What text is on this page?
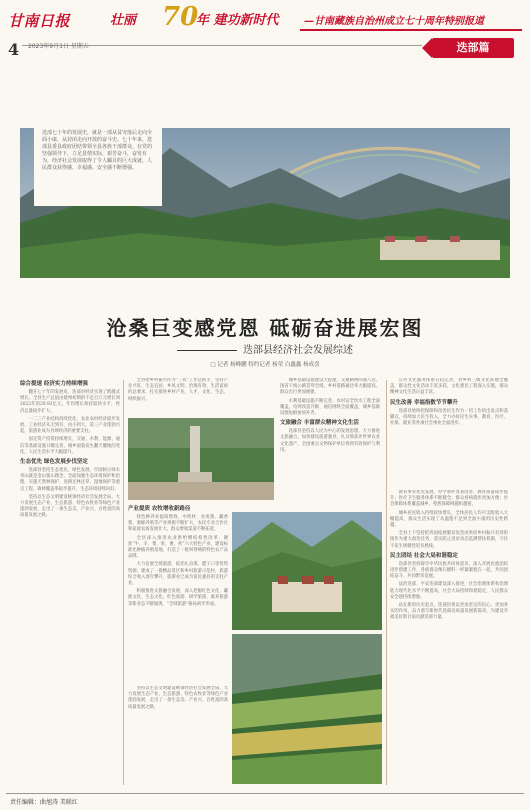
甘南日报	壮丽 70
年 建功新时代	—甘南藏族自治州成立七十周年特别报道
4 2023年9月1日 星期五	迭部篇
迭部七十年的发展史，就是一部从贫穷落后走向全面小康、从封闭走向开放的奋斗史。七十年来，迭部县委县政府团结带领全县各族干部群众，在党的坚强领导下，立足县情实际，艰苦奋斗，奋发有为，经济社会发展取得了令人瞩目的巨大成就，人民群众获得感、幸福感、安全感不断增强。
沧桑巨变感党恩 砥砺奋进展宏图
迭部县经济社会发展综述
□ 记者 杨峰鹏 特约记者 杨荣 白鑫鑫 杨成喜
综合提速 经济实力持续增强

翻开七十年的发展史，迭部县经济实现了跨越式增长。全县生产总值由建州初期的不足百万元增长到2022年的29.92亿元，年均增长保持较快水平，经济总量稳步扩大。

一二三产业结构持续优化，农业农村经济稳步发展，工业经济从无到有、由小到大，第三产业蓬勃兴起，旅游业成为县域经济的重要支柱。

固定资产投资持续增长，交通、水利、能源、通信等基础设施日臻完善，城乡面貌发生翻天覆地的变化，人民生活水平大幅提升。

生态优先 绿色发展步伐坚定

迭部县坚持生态优先、绿色发展，牢固树立绿水青山就是金山银山理念，全面加强生态环境保护和治理，实施天然林保护、退耕还林还草、湿地保护等重点工程，森林覆盖率稳步提升，生态环境持续向好。

坚持以生态文明建设统领经济社会发展全局，大力发展生态产业，生态旅游、特色农牧业等绿色产业蓬勃发展，走出了一条生态美、产业兴、百姓富的高质量发展之路。

全县把乡村振兴作为“三农”工作总抓手，坚持产业兴旺、生态宜居、乡风文明、治理有效、生活富裕的总要求，扎实推进乡村产业、人才、文化、生态、组织振兴。

产业提质 农牧增收新路径

特色种养业提质增效，中药材、食用菌、藏香猪、蜜蜂养殖等产业规模不断扩大，农民专业合作社和家庭农场发展壮大，群众增收渠道不断拓宽。

全县深入推进农业供给侧结构性改革，聚焦“牛、羊、菜、果、薯、药”六大特色产业，建设标准化种植养殖基地，打造了一批叫得响的特色农产品品牌。

大力发展全域旅游，依托扎尕那、腊子口等优势资源，建成了一批精品景区和乡村旅游示范村，旅游综合收入逐年攀升，旅游业已成为富民强县的支柱产业。

积极推进文旅融合发展，深入挖掘红色文化、藏族文化、生态文化，红色旅游、研学旅游、康养旅游等新业态不断涌现，“全域旅游”格局初步形成。

城乡基础设施建设大提速，交通路网四通八达，国省干线公路贯穿全境，乡村道路通达率大幅提高，群众出行更加便捷。

水利基础设施不断完善，农村安全饮水工程全面覆盖，电网改造升级、通信网络全面覆盖，城乡基础设施短板加快补齐。

文旅融合 丰富群众精神文化生活

迭部县坚持以人民为中心的发展思想，大力推进文旅融合，加快建设旅游强县，扎尕那获评世界农业文化遗产，全国重点文物保护单位得到有效保护与利用。

坚持以生态文明建设统领经济社会发展全局，大力发展生态产业，生态旅游、特色农牧业等绿色产业蓬勃发展，走出了一条生态美、产业兴、百姓富的高质量发展之路。

公共文化服务体系日趋完善，县乡村三级文化阵地全覆盖，群众性文化活动丰富多彩，文化惠民工程深入实施，群众精神文化生活日益丰富。

民生改善 幸福指数节节攀升

迭部县始终把保障和改善民生作为一切工作的出发点和落脚点，持续加大民生投入，全力办好民生实事，教育、医疗、社保、就业等各项社会事业全面进步。

教育事业优先发展，办学条件显著改善，教育质量稳步提升；医疗卫生服务体系不断健全，群众看病就医更加方便；社会保障体系覆盖城乡，兜底保障网越织越密。

城乡居民收入持续较快增长，全体居民人均可支配收入大幅提高，群众生活实现了从温饱不足到全面小康的历史性跨越。

全县上下坚持把巩固拓展脱贫攻坚成果同乡村振兴有效衔接作为重大政治任务，落实防止返贫动态监测帮扶机制，守住不发生规模性返贫底线。

民主团结 社会大局和谐稳定

迭部县坚持铸牢中华民族共同体意识，深入开展民族团结进步创建工作，各族群众像石榴籽一样紧紧抱在一起，共同团结奋斗、共同繁荣发展。

法治迭部、平安迭部建设深入推进，社会治理体系和治理能力现代化水平不断提高，社会大局持续和谐稳定，人民群众安全感持续增强。

站在新的历史起点，迭部县将以更加坚定的信心、更加务实的作风，奋力谱写新时代迭部高质量发展新篇章，为建设幸福美好新甘南贡献迭部力量。

责任编辑：曲旭涛 美联红
